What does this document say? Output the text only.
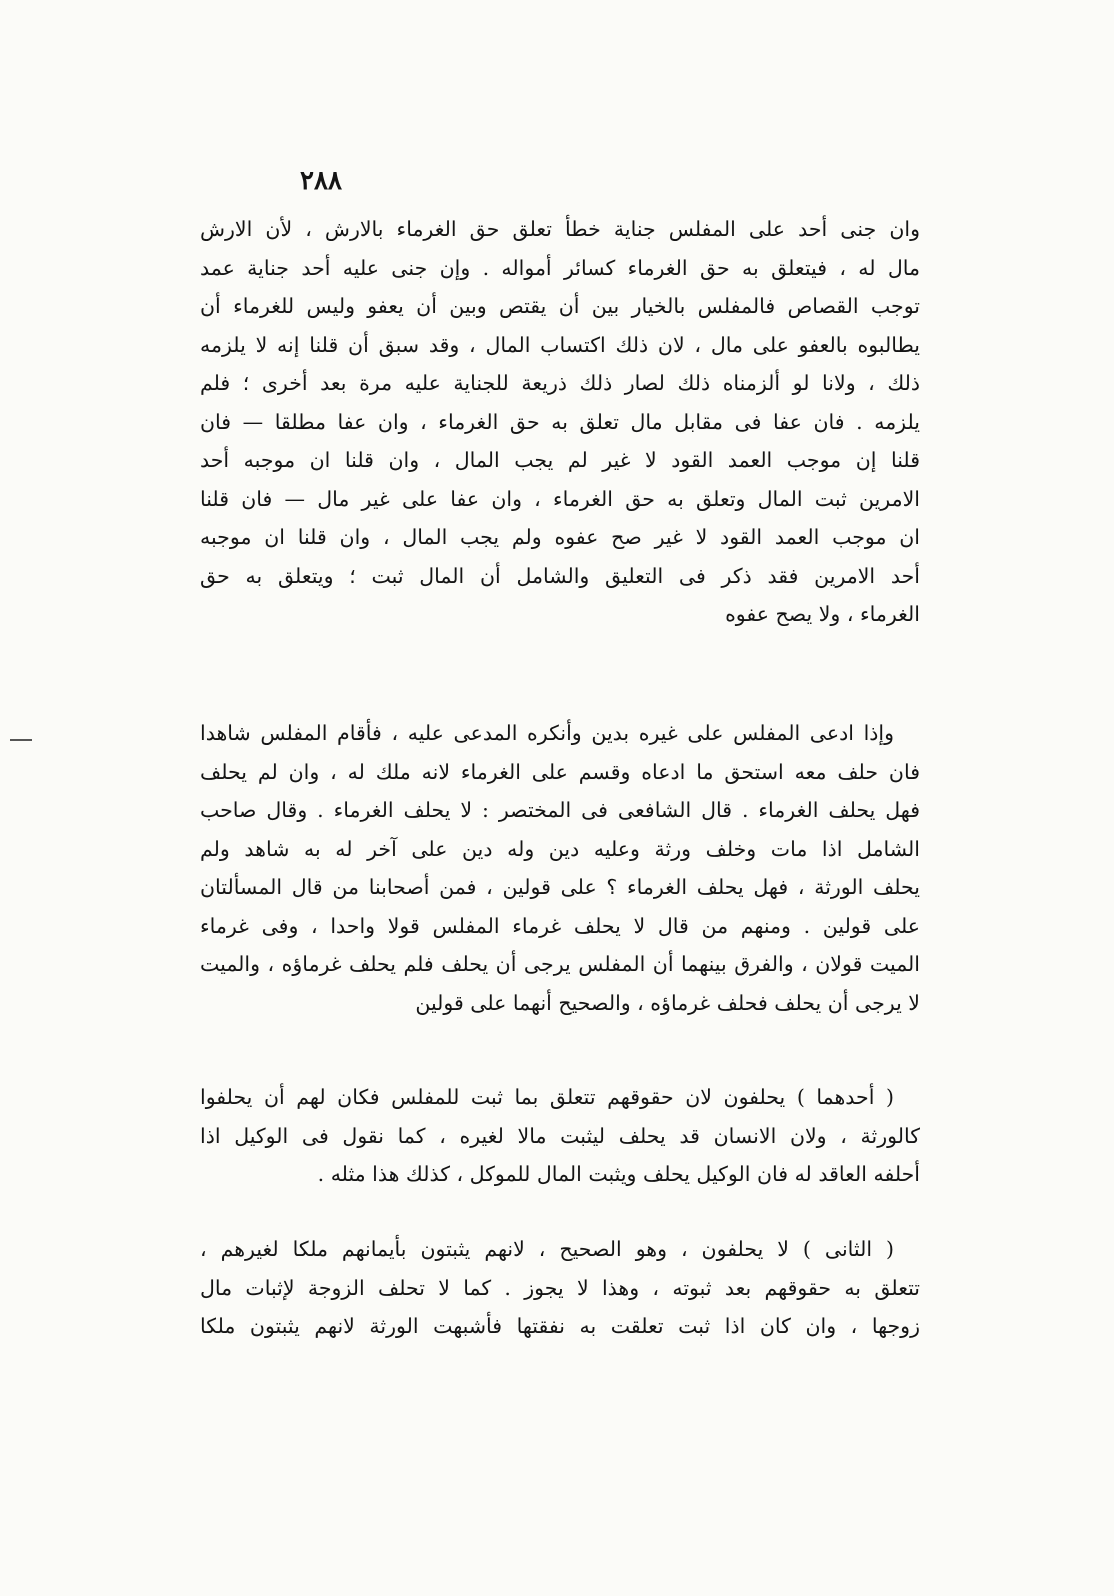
٢٨٨
وان جنى أحد على المفلس جناية خطأ تعلق حق الغرماء بالارش ، لأن الارش
مال له ، فيتعلق به حق الغرماء كسائر أمواله . وإن جنى عليه أحد جناية عمد
توجب القصاص فالمفلس بالخيار بين أن يقتص وبين أن يعفو وليس للغرماء أن
يطالبوه بالعفو على مال ، لان ذلك اكتساب المال ، وقد سبق أن قلنا إنه لا يلزمه
ذلك ، ولانا لو ألزمناه ذلك لصار ذلك ذريعة للجناية عليه مرة بعد أخرى ؛ فلم
يلزمه . فان عفا فى مقابل مال تعلق به حق الغرماء ، وان عفا مطلقا — فان
قلنا إن موجب العمد القود لا غير لم يجب المال ، وان قلنا ان موجبه أحد
الامرين ثبت المال وتعلق به حق الغرماء ، وان عفا على غير مال — فان قلنا
ان موجب العمد القود لا غير صح عفوه ولم يجب المال ، وان قلنا ان موجبه
أحد الامرين فقد ذكر فى التعليق والشامل أن المال ثبت ؛ ويتعلق به حق
الغرماء ، ولا يصح عفوه
وإذا ادعى المفلس على غيره بدين وأنكره المدعى عليه ، فأقام المفلس شاهدا
فان حلف معه استحق ما ادعاه وقسم على الغرماء لانه ملك له ، وان لم يحلف
فهل يحلف الغرماء . قال الشافعى فى المختصر : لا يحلف الغرماء . وقال صاحب
الشامل اذا مات وخلف ورثة وعليه دين وله دين على آخر له به شاهد ولم
يحلف الورثة ، فهل يحلف الغرماء ؟ على قولين ، فمن أصحابنا من قال المسألتان
على قولين . ومنهم من قال لا يحلف غرماء المفلس قولا واحدا ، وفى غرماء
الميت قولان ، والفرق بينهما أن المفلس يرجى أن يحلف فلم يحلف غرماؤه ، والميت
لا يرجى أن يحلف فحلف غرماؤه ، والصحيح أنهما على قولين
( أحدهما ) يحلفون لان حقوقهم تتعلق بما ثبت للمفلس فكان لهم أن يحلفوا
كالورثة ، ولان الانسان قد يحلف ليثبت مالا لغيره ، كما نقول فى الوكيل اذا
أحلفه العاقد له فان الوكيل يحلف ويثبت المال للموكل ، كذلك هذا مثله .
( الثانى ) لا يحلفون ، وهو الصحيح ، لانهم يثبتون بأيمانهم ملكا لغيرهم ،
تتعلق به حقوقهم بعد ثبوته ، وهذا لا يجوز . كما لا تحلف الزوجة لإثبات مال
زوجها ، وان كان اذا ثبت تعلقت به نفقتها فأشبهت الورثة لانهم يثبتون ملكا
